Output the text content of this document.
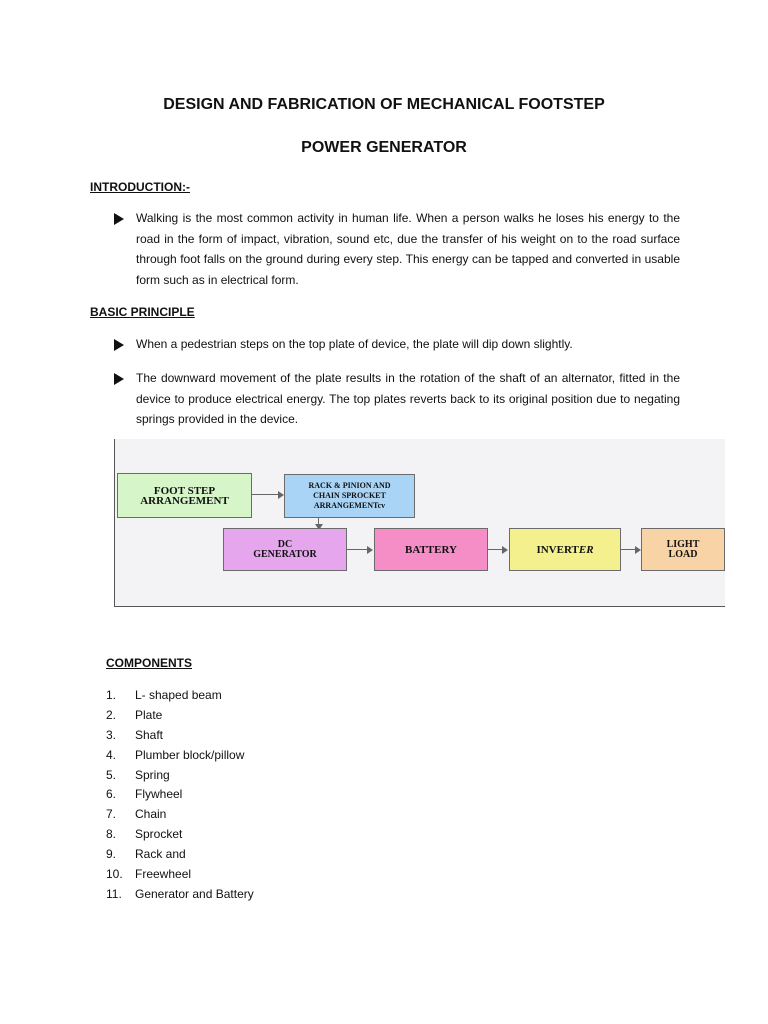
DESIGN AND FABRICATION OF MECHANICAL FOOTSTEP
POWER GENERATOR
INTRODUCTION:-
Walking is the most common activity in human life. When a person walks he loses his energy to the road in the form of impact, vibration, sound etc, due the transfer of his weight on to the road surface through foot falls on the ground during every step. This energy can be tapped and converted in usable form such as in electrical form.
BASIC PRINCIPLE
When a pedestrian steps on the top plate of device, the plate will dip down slightly.
The downward movement of the plate results in the rotation of the shaft of an alternator, fitted in the device to produce electrical energy. The top plates reverts back to its original position due to negating springs provided in the device.
FOOT STEP
ARRANGEMENT
RACK & PINION AND
CHAIN SPROCKET
ARRANGEMENTcv
DC
GENERATOR	BATTERY	INVERTER	LIGHT
LOAD
COMPONENTS
1. L- shaped beam
2. Plate
3. Shaft
4. Plumber block/pillow
5. Spring
6. Flywheel
7. Chain
8. Sprocket
9. Rack and
10. Freewheel
11. Generator and Battery
